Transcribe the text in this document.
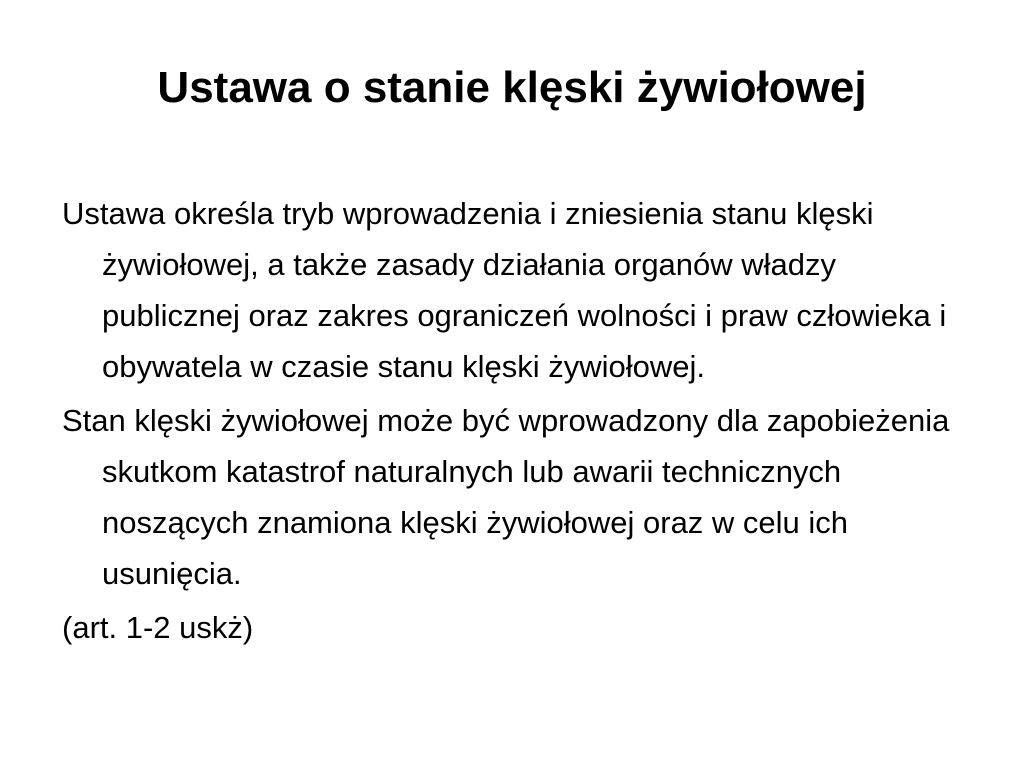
Ustawa o stanie klęski żywiołowej
Ustawa określa tryb wprowadzenia i zniesienia stanu klęski żywiołowej, a także zasady działania organów władzy publicznej oraz zakres ograniczeń wolności i praw człowieka i obywatela w czasie stanu klęski żywiołowej.
Stan klęski żywiołowej może być wprowadzony dla zapobieżenia skutkom katastrof naturalnych lub awarii technicznych noszących znamiona klęski żywiołowej oraz w celu ich usunięcia.
(art. 1-2 uskż)
